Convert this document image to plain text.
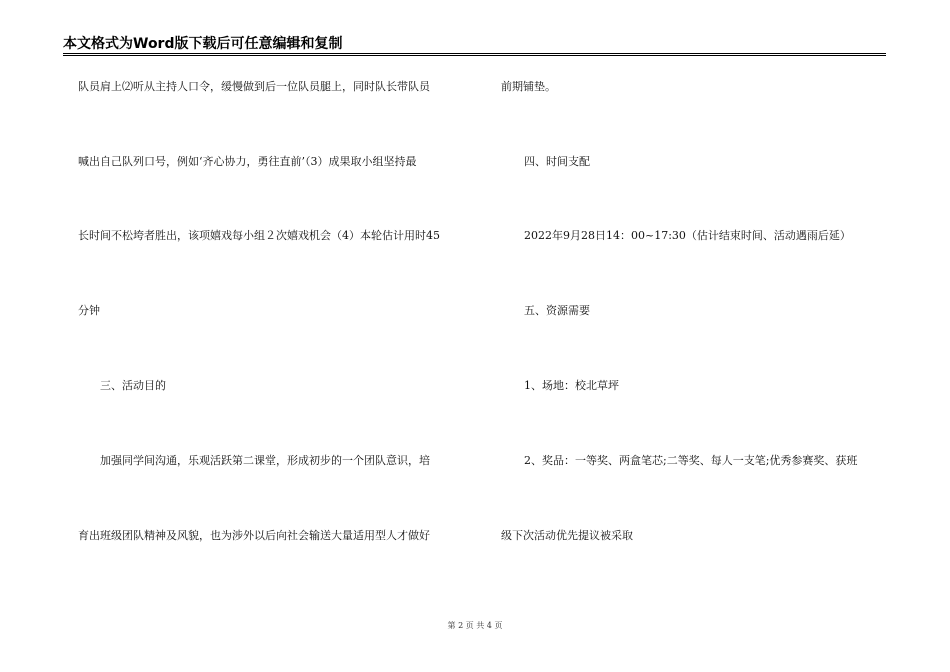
本文格式为Word版下载后可任意编辑和复制
队员肩上⑵听从主持人口令，缓慢做到后一位队员腿上，同时队长带队员
喊出自己队列口号，例如‘齐心协力，勇往直前’（3）成果取小组坚持最
长时间不松垮者胜出，该项嬉戏每小组２次嬉戏机会（4）本轮估计用时45
分钟
三、活动目的
加强同学间沟通，乐观活跃第二课堂，形成初步的一个团队意识，培
育出班级团队精神及风貌，也为涉外以后向社会输送大量适用型人才做好
前期铺垫。
四、时间支配
2022年9月28日14：00~17:30（估计结束时间、活动遇雨后延）
五、资源需要
1、场地：校北草坪
2、奖品：一等奖、两盒笔芯;二等奖、每人一支笔;优秀参赛奖、获班
级下次活动优先提议被采取
第 2 页 共 4 页
